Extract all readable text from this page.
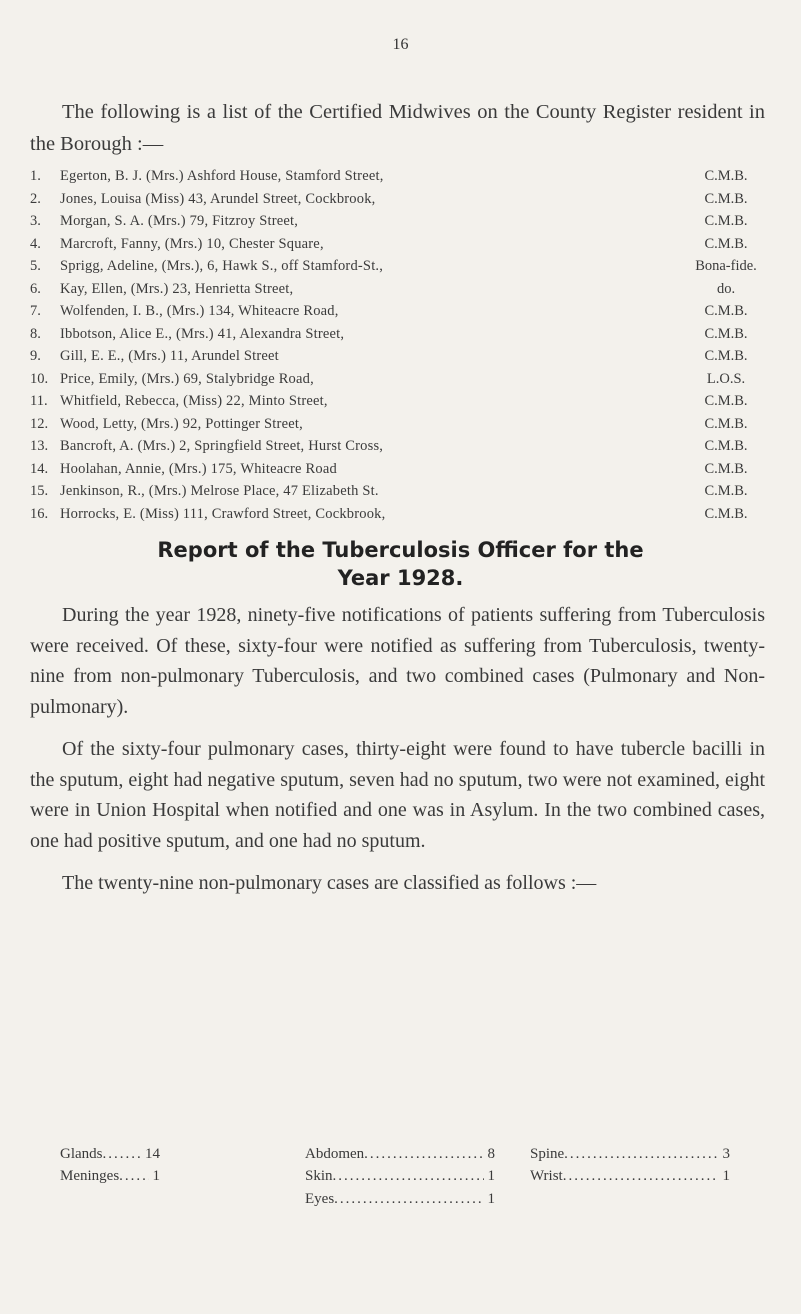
16

The following is a list of the Certified Midwives on the County Register resident in the Borough :—

1.	Egerton, B. J. (Mrs.) Ashford House, Stamford Street,	C.M.B.
2.	Jones, Louisa (Miss) 43, Arundel Street, Cockbrook,	C.M.B.
3.	Morgan, S. A. (Mrs.) 79, Fitzroy Street,	C.M.B.
4.	Marcroft, Fanny, (Mrs.) 10, Chester Square,	C.M.B.
5.	Sprigg, Adeline, (Mrs.), 6, Hawk S., off Stamford-St.,	Bona-fide.
6.	Kay, Ellen, (Mrs.) 23, Henrietta Street,	do.
7.	Wolfenden, I. B., (Mrs.) 134, Whiteacre Road,	C.M.B.
8.	Ibbotson, Alice E., (Mrs.) 41, Alexandra Street,	C.M.B.
9.	Gill, E. E., (Mrs.) 11, Arundel Street	C.M.B.
10. Price, Emily, (Mrs.) 69, Stalybridge Road,	L.O.S.
11. Whitfield, Rebecca, (Miss) 22, Minto Street,	C.M.B.
12. Wood, Letty, (Mrs.) 92, Pottinger Street,	C.M.B.
13. Bancroft, A. (Mrs.) 2, Springfield Street, Hurst Cross,	C.M.B.
14. Hoolahan, Annie, (Mrs.) 175, Whiteacre Road	C.M.B.
15. Jenkinson, R., (Mrs.) Melrose Place, 47 Elizabeth St.	C.M.B.
16. Horrocks, E. (Miss) 111, Crawford Street, Cockbrook,	C.M.B.
Report of the Tuberculosis Officer for the
Year 1928.

During the year 1928, ninety-five notifications of patients suffering from Tuberculosis were received. Of these, sixty-four were notified as suffering from Tuberculosis, twenty-nine from non-pulmonary Tuberculosis, and two combined cases (Pulmonary and Non-pulmonary).

Of the sixty-four pulmonary cases, thirty-eight were found to have tubercle bacilli in the sputum, eight had negative sputum, seven had no sputum, two were not examined, eight were in Union Hospital when notified and one was in Asylum. In the two combined cases, one had positive sputum, and one had no sputum.

The twenty-nine non-pulmonary cases are classified as follows :—

Glands ..... 14	Abdomen ..... 8	Spine ..... 3

Meninges ..... 1	Skin ..... 1	Wrist ..... 1

	Eyes ..... 1
